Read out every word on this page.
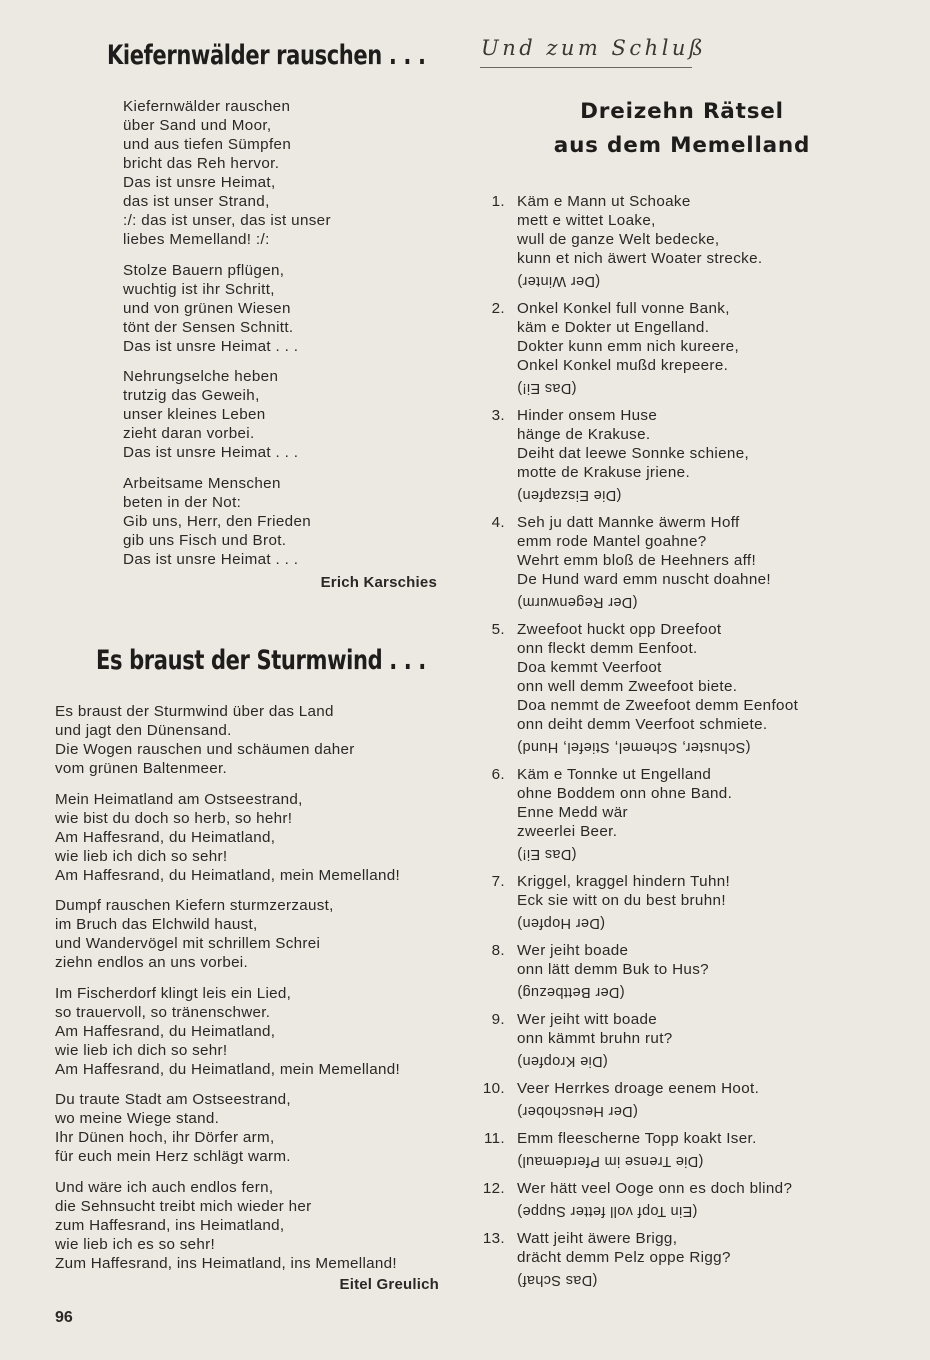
Kiefernwälder rauschen . . .
Kiefernwälder rauschen
über Sand und Moor,
und aus tiefen Sümpfen
bricht das Reh hervor.
Das ist unsre Heimat,
das ist unser Strand,
:/: das ist unser, das ist unser
liebes Memelland! :/:
Stolze Bauern pflügen,
wuchtig ist ihr Schritt,
und von grünen Wiesen
tönt der Sensen Schnitt.
Das ist unsre Heimat . . .
Nehrungselche heben
trutzig das Geweih,
unser kleines Leben
zieht daran vorbei.
Das ist unsre Heimat . . .
Arbeitsame Menschen
beten in der Not:
Gib uns, Herr, den Frieden
gib uns Fisch und Brot.
Das ist unsre Heimat . . .

Erich Karschies

Es braust der Sturmwind . . .
Es braust der Sturmwind über das Land
und jagt den Dünensand.
Die Wogen rauschen und schäumen daher
vom grünen Baltenmeer.
Mein Heimatland am Ostseestrand,
wie bist du doch so herb, so hehr!
Am Haffesrand, du Heimatland,
wie lieb ich dich so sehr!
Am Haffesrand, du Heimatland, mein Memelland!
Dumpf rauschen Kiefern sturmzerzaust,
im Bruch das Elchwild haust,
und Wandervögel mit schrillem Schrei
ziehn endlos an uns vorbei.
Im Fischerdorf klingt leis ein Lied,
so trauervoll, so tränenschwer.
Am Haffesrand, du Heimatland,
wie lieb ich dich so sehr!
Am Haffesrand, du Heimatland, mein Memelland!
Du traute Stadt am Ostseestrand,
wo meine Wiege stand.
Ihr Dünen hoch, ihr Dörfer arm,
für euch mein Herz schlägt warm.
Und wäre ich auch endlos fern,
die Sehnsucht treibt mich wieder her
zum Haffesrand, ins Heimatland,
wie lieb ich es so sehr!
Zum Haffesrand, ins Heimatland, ins Memelland!

Eitel Greulich

96

Und zum Schluß

Dreizehn Rätsel
aus dem Memelland
1. Käm e Mann ut Schoake
mett e wittet Loake,
wull de ganze Welt bedecke,
kunn et nich äwert Woater strecke.
(Der Winter)
2. Onkel Konkel full vonne Bank,
käm e Dokter ut Engelland.
Dokter kunn emm nich kureere,
Onkel Konkel mußd krepeere.
(Das Ei!)
3. Hinder onsem Huse
hänge de Krakuse.
Deiht dat leewe Sonnke schiene,
motte de Krakuse jriene.
(Die Eiszapfen)
4. Seh ju datt Mannke äwerm Hoff
emm rode Mantel goahne?
Wehrt emm bloß de Heehners aff!
De Hund ward emm nuscht doahne!
(Der Regenwurm)
5. Zweefoot huckt opp Dreefoot
onn fleckt demm Eenfoot.
Doa kemmt Veerfoot
onn well demm Zweefoot biete.
Doa nemmt de Zweefoot demm Eenfoot
onn deiht demm Veerfoot schmiete.
(Schuster, Schemel, Stiefel, Hund)
6. Käm e Tonnke ut Engelland
ohne Boddem onn ohne Band.
Enne Medd wär
zweerlei Beer.
(Das Ei!)
7. Kriggel, kraggel hindern Tuhn!
Eck sie witt on du best bruhn!
(Der Hopfen)
8. Wer jeiht boade
onn lätt demm Buk to Hus?
(Der Bettbezug)
9. Wer jeiht witt boade
onn kämmt bruhn rut?
(Die Kropfen)
10. Veer Herrkes droage eenem Hoot.
(Der Heuschober)
11. Emm fleescherne Topp koakt Iser.
(Die Trense im Pferdemaul)
12. Wer hätt veel Ooge onn es doch blind?
(Ein Topf voll fetter Suppe)
13. Watt jeiht äwere Brigg,
drächt demm Pelz oppe Rigg?
(Das Schaf)
